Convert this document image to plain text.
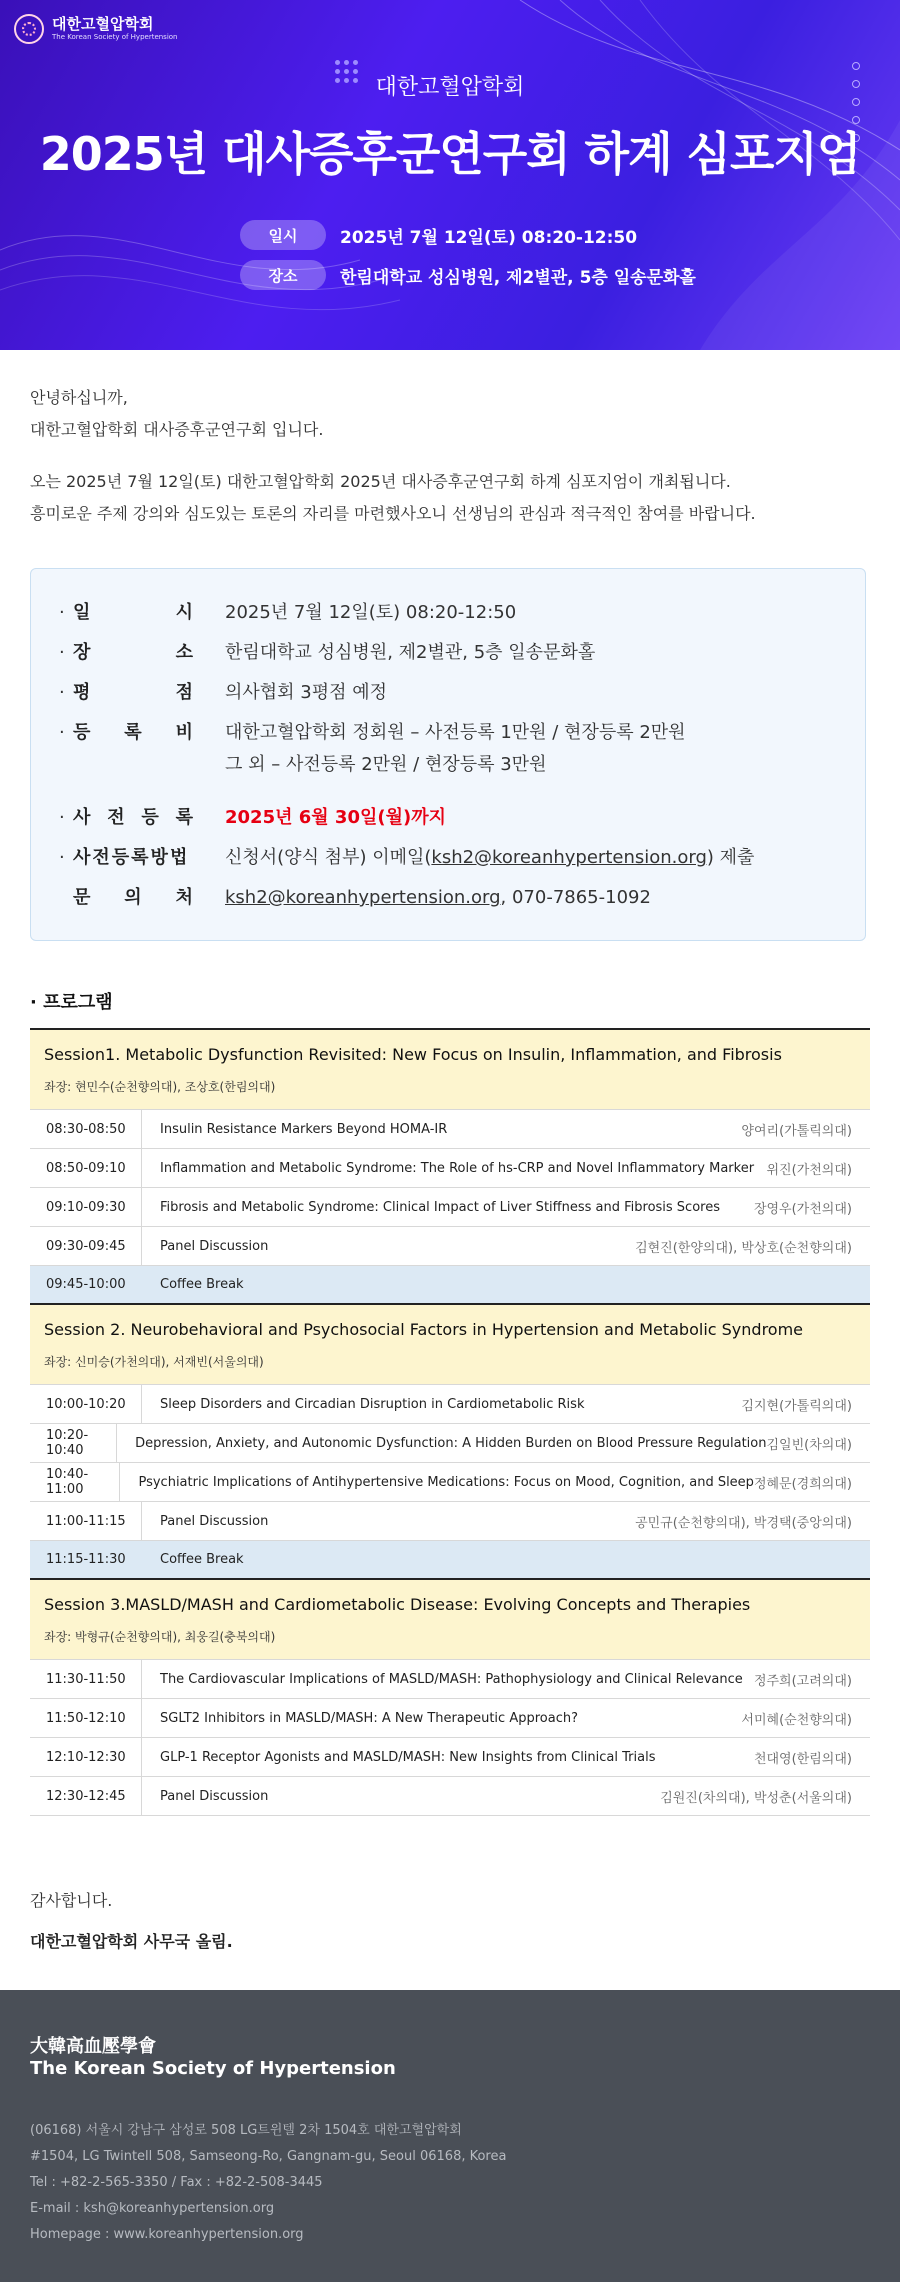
대한고혈압학회
The Korean Society of Hypertension
대한고혈압학회
2025년 대사증후군연구회 하계 심포지엄
일시	2025년 7월 12일(토) 08:20-12:50
장소	한림대학교 성심병원, 제2별관, 5층 일송문화홀

안녕하십니까,

대한고혈압학회 대사증후군연구회 입니다.

오는 2025년 7월 12일(토) 대한고혈압학회 2025년 대사증후군연구회 하계 심포지엄이 개최됩니다.

흥미로운 주제 강의와 심도있는 토론의 자리를 마련했사오니 선생님의 관심과 적극적인 참여를 바랍니다.

· 일	시 2025년 7월 12일(토) 08:20-12:50
· 장	소 한림대학교 성심병원, 제2별관, 5층 일송문화홀
· 평	점 의사협회 3평점 예정
· 등 록 비 대한고혈압학회 정회원 – 사전등록 1만원 / 현장등록 2만원
그 외 – 사전등록 2만원 / 현장등록 3만원
· 사 전 등 록 2025년 6월 30일(월)까지
· 사전등록방법 신청서(양식 첨부) 이메일(ksh2@koreanhypertension.org) 제출
문 의 처 ksh2@koreanhypertension.org, 070-7865-1092
· 프로그램
Session1. Metabolic Dysfunction Revisited: New Focus on Insulin, Inflammation, and Fibrosis
좌장: 현민수(순천향의대), 조상호(한림의대)
08:30-08:50	Insulin Resistance Markers Beyond HOMA-IR	양여리(가톨릭의대)
08:50-09:10	Inflammation and Metabolic Syndrome: The Role of hs-CRP and Novel Inflammatory Marker 위진(가천의대)
09:10-09:30	Fibrosis and Metabolic Syndrome: Clinical Impact of Liver Stiffness and Fibrosis Scores	장영우(가천의대)
09:30-09:45	Panel Discussion	김현진(한양의대), 박상호(순천향의대)
09:45-10:00	Coffee Break
Session 2. Neurobehavioral and Psychosocial Factors in Hypertension and Metabolic Syndrome
좌장: 신미승(가천의대), 서재빈(서울의대)
10:00-10:20	Sleep Disorders and Circadian Disruption in Cardiometabolic Risk	김지현(가톨릭의대)
10:20-10:40	Depression, Anxiety, and Autonomic Dysfunction: A Hidden Burden on Blood Pressure Regulation 김일빈(차의대)
10:40-11:00	Psychiatric Implications of Antihypertensive Medications: Focus on Mood, Cognition, and Sleep 정혜문(경희의대)
11:00-11:15	Panel Discussion	공민규(순천향의대), 박경택(중앙의대)
11:15-11:30	Coffee Break
Session 3.MASLD/MASH and Cardiometabolic Disease: Evolving Concepts and Therapies
좌장: 박형규(순천향의대), 최웅길(충북의대)
11:30-11:50	The Cardiovascular Implications of MASLD/MASH: Pathophysiology and Clinical Relevance 정주희(고려의대)
11:50-12:10	SGLT2 Inhibitors in MASLD/MASH: A New Therapeutic Approach?	서미혜(순천향의대)
12:10-12:30	GLP-1 Receptor Agonists and MASLD/MASH: New Insights from Clinical Trials	천대영(한림의대)
12:30-12:45	Panel Discussion	김원진(차의대), 박성춘(서울의대)

감사합니다.

대한고혈압학회 사무국 올림.

大韓高血壓學會
The Korean Society of Hypertension

(06168) 서울시 강남구 삼성로 508 LG트윈텔 2차 1504호 대한고혈압학회

#1504, LG Twintell 508, Samseong-Ro, Gangnam-gu, Seoul 06168, Korea

Tel : +82-2-565-3350 / Fax : +82-2-508-3445

E-mail : ksh@koreanhypertension.org

Homepage : www.koreanhypertension.org
